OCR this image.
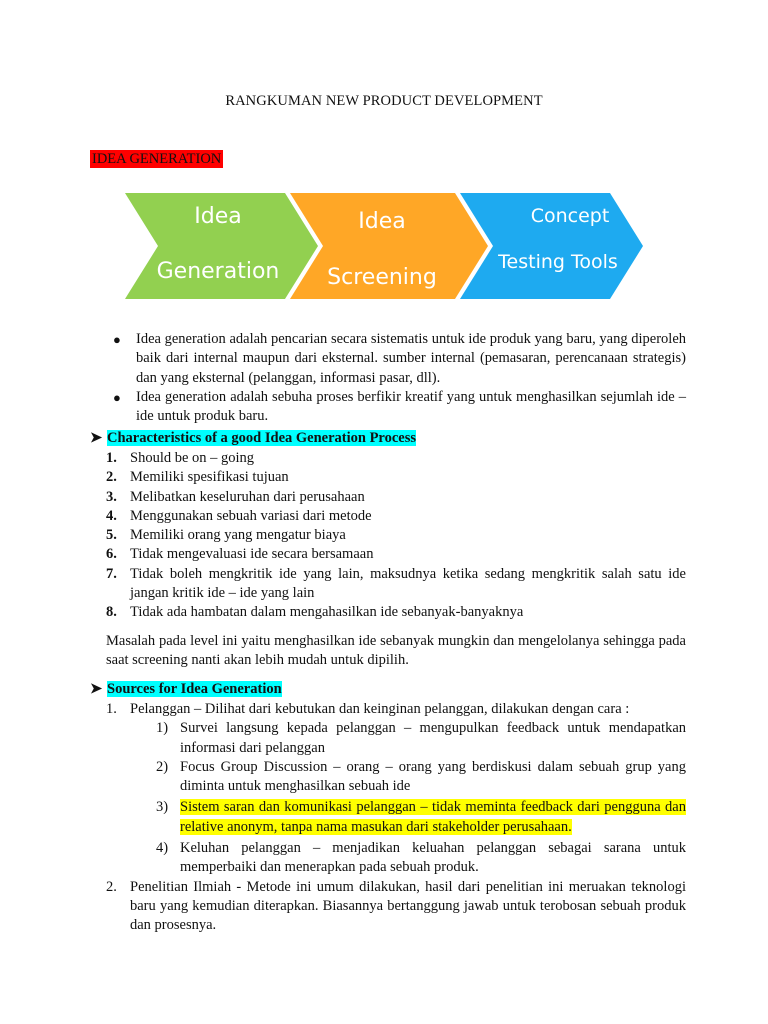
RANGKUMAN NEW PRODUCT DEVELOPMENT
IDEA GENERATION
Idea
Generation
Idea
Screening
Concept
Testing Tools
● Idea generation adalah pencarian secara sistematis untuk ide produk yang baru, yang diperoleh baik dari internal maupun dari eksternal. sumber internal (pemasaran, perencanaan strategis) dan yang eksternal (pelanggan, informasi pasar, dll).
● Idea generation adalah sebuha proses berfikir kreatif yang untuk menghasilkan sejumlah ide – ide untuk produk baru.
➤ Characteristics of a good Idea Generation Process
1. Should be on – going
2. Memiliki spesifikasi tujuan
3. Melibatkan keseluruhan dari perusahaan
4. Menggunakan sebuah variasi dari metode
5. Memiliki orang yang mengatur biaya
6. Tidak mengevaluasi ide secara bersamaan
7. Tidak boleh mengkritik ide yang lain, maksudnya ketika sedang mengkritik salah satu ide jangan kritik ide – ide yang lain
8. Tidak ada hambatan dalam mengahasilkan ide sebanyak-banyaknya
Masalah pada level ini yaitu menghasilkan ide sebanyak mungkin dan mengelolanya sehingga pada saat screening nanti akan lebih mudah untuk dipilih.
➤ Sources for Idea Generation
1. Pelanggan – Dilihat dari kebutukan dan keinginan pelanggan, dilakukan dengan cara :
1) Survei langsung kepada pelanggan – mengupulkan feedback untuk mendapatkan informasi dari pelanggan
2) Focus Group Discussion – orang – orang yang berdiskusi dalam sebuah grup yang diminta untuk menghasilkan sebuah ide
3) Sistem saran dan komunikasi pelanggan – tidak meminta feedback dari pengguna dan relative anonym, tanpa nama masukan dari stakeholder perusahaan.
4) Keluhan pelanggan – menjadikan keluahan pelanggan sebagai sarana untuk memperbaiki dan menerapkan pada sebuah produk.
2. Penelitian Ilmiah - Metode ini umum dilakukan, hasil dari penelitian ini meruakan teknologi baru yang kemudian diterapkan. Biasannya bertanggung jawab untuk terobosan sebuah produk dan prosesnya.
